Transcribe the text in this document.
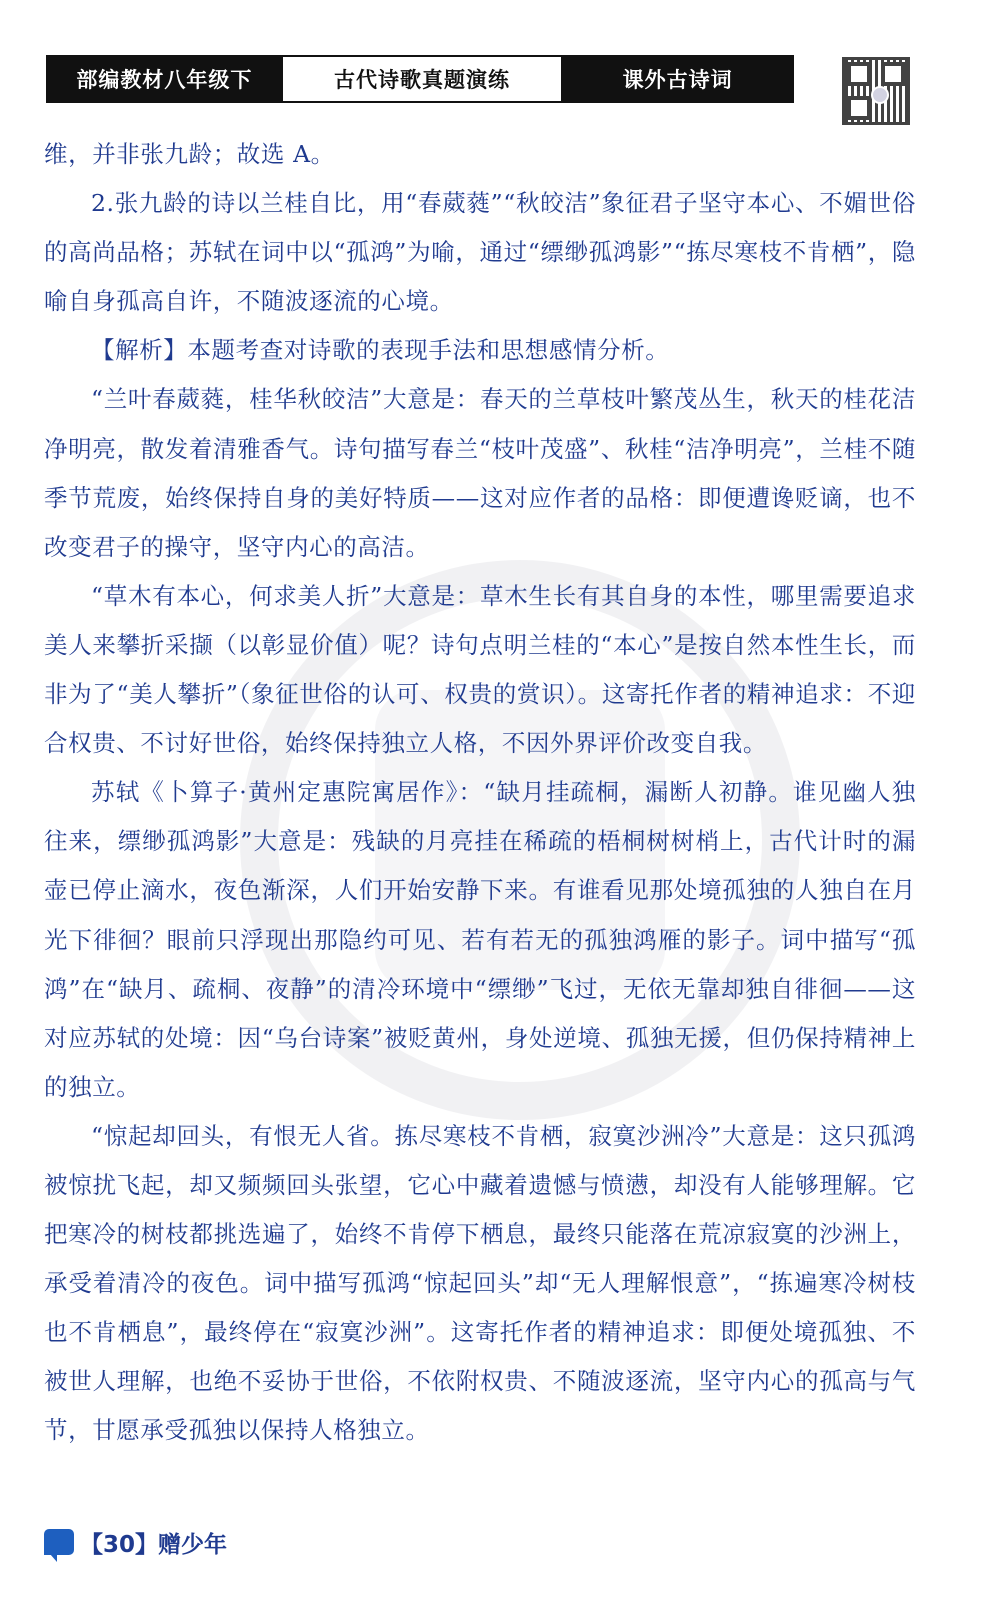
部编教材八年级下	古代诗歌真题演练	课外古诗词

维，并非张九龄；故选 A。

2.张九龄的诗以兰桂自比，用“春葳蕤”“秋皎洁”象征君子坚守本心、不媚世俗的高尚品格；苏轼在词中以“孤鸿”为喻，通过“缥缈孤鸿影”“拣尽寒枝不肯栖”，隐喻自身孤高自许，不随波逐流的心境。

【解析】本题考查对诗歌的表现手法和思想感情分析。

“兰叶春葳蕤，桂华秋皎洁”大意是：春天的兰草枝叶繁茂丛生，秋天的桂花洁净明亮，散发着清雅香气。诗句描写春兰“枝叶茂盛”、秋桂“洁净明亮”，兰桂不随季节荒废，始终保持自身的美好特质——这对应作者的品格：即便遭谗贬谪，也不改变君子的操守，坚守内心的高洁。

“草木有本心，何求美人折”大意是：草木生长有其自身的本性，哪里需要追求美人来攀折采撷（以彰显价值）呢？诗句点明兰桂的“本心”是按自然本性生长，而非为了“美人攀折”（象征世俗的认可、权贵的赏识）。这寄托作者的精神追求：不迎合权贵、不讨好世俗，始终保持独立人格，不因外界评价改变自我。

苏轼《卜算子·黄州定惠院寓居作》：“缺月挂疏桐，漏断人初静。谁见幽人独往来，缥缈孤鸿影”大意是：残缺的月亮挂在稀疏的梧桐树树梢上，古代计时的漏壶已停止滴水，夜色渐深，人们开始安静下来。有谁看见那处境孤独的人独自在月光下徘徊？眼前只浮现出那隐约可见、若有若无的孤独鸿雁的影子。词中描写“孤鸿”在“缺月、疏桐、夜静”的清冷环境中“缥缈”飞过，无依无靠却独自徘徊——这对应苏轼的处境：因“乌台诗案”被贬黄州，身处逆境、孤独无援，但仍保持精神上的独立。

“惊起却回头，有恨无人省。拣尽寒枝不肯栖，寂寞沙洲冷”大意是：这只孤鸿被惊扰飞起，却又频频回头张望，它心中藏着遗憾与愤懑，却没有人能够理解。它把寒冷的树枝都挑选遍了，始终不肯停下栖息，最终只能落在荒凉寂寞的沙洲上，承受着清冷的夜色。词中描写孤鸿“惊起回头”却“无人理解恨意”，“拣遍寒冷树枝也不肯栖息”，最终停在“寂寞沙洲”。这寄托作者的精神追求：即便处境孤独、不被世人理解，也绝不妥协于世俗，不依附权贵、不随波逐流，坚守内心的孤高与气节，甘愿承受孤独以保持人格独立。

【30】 赠少年
